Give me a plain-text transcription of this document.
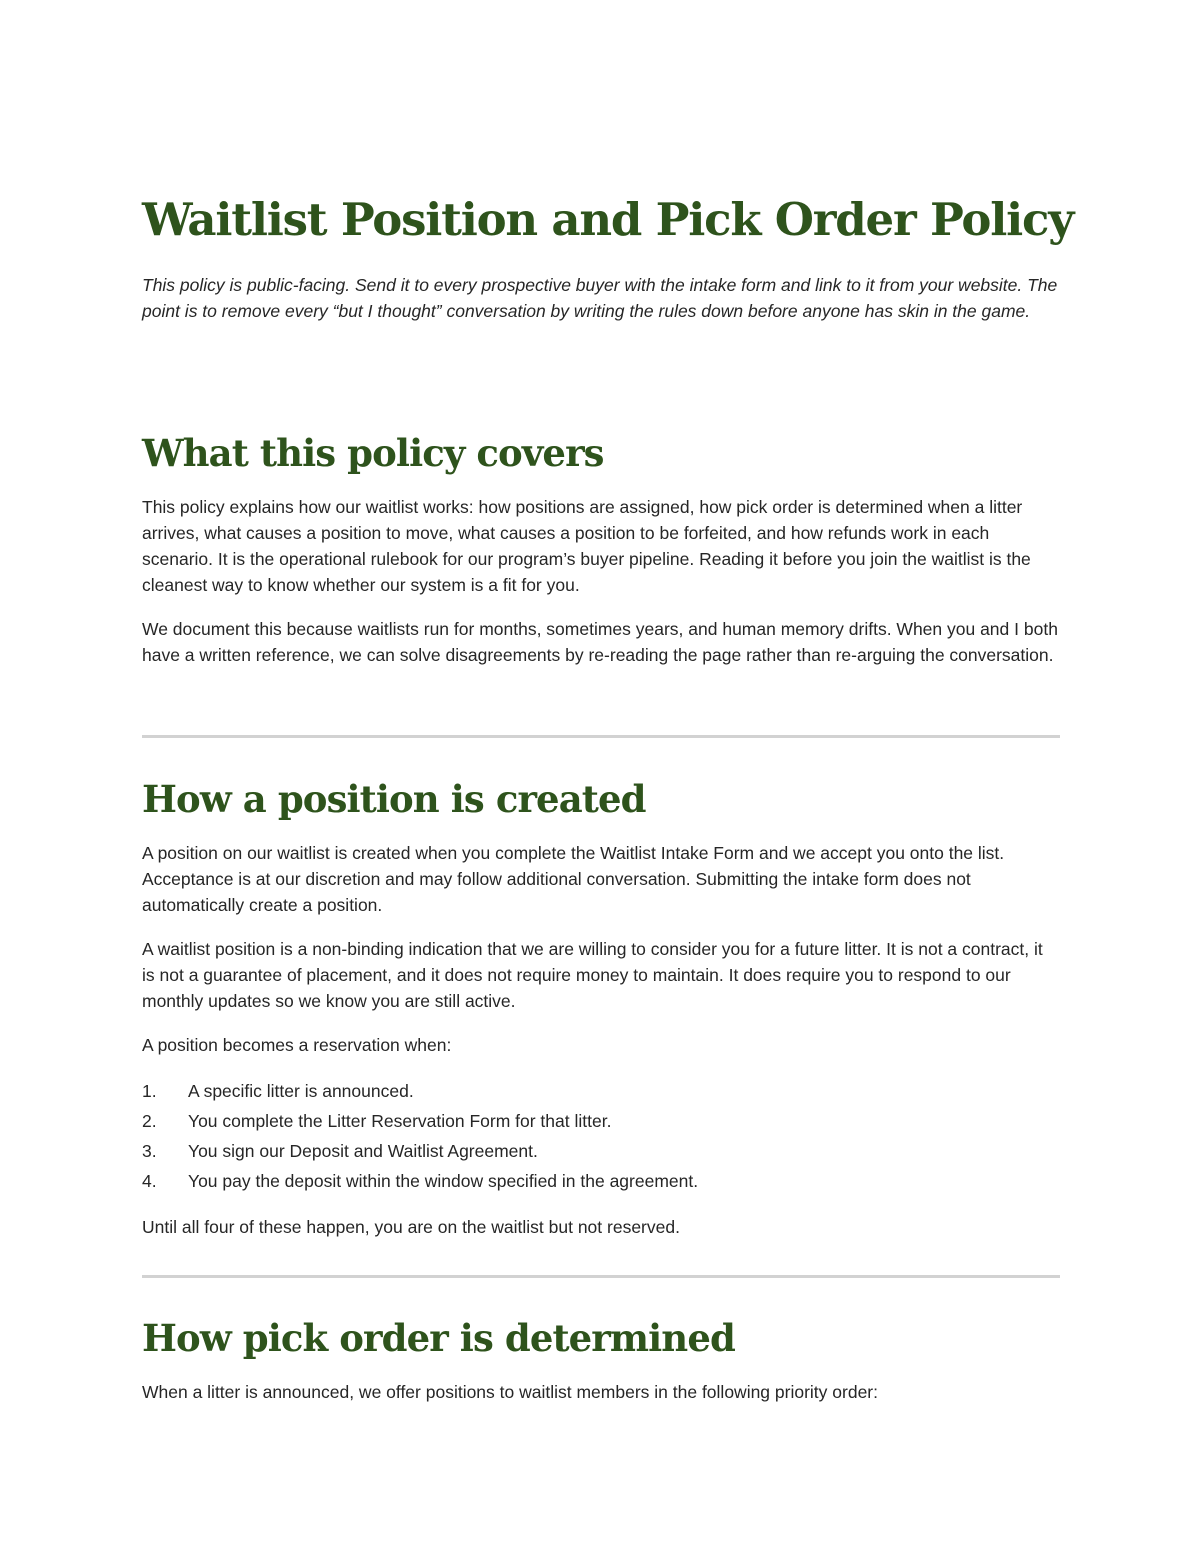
Waitlist Position and Pick Order Policy

This policy is public-facing. Send it to every prospective buyer with the intake form and link to it from your website. The point is to remove every “but I thought” conversation by writing the rules down before anyone has skin in the game.

What this policy covers

This policy explains how our waitlist works: how positions are assigned, how pick order is determined when a litter arrives, what causes a position to move, what causes a position to be forfeited, and how refunds work in each scenario. It is the operational rulebook for our program’s buyer pipeline. Reading it before you join the waitlist is the cleanest way to know whether our system is a fit for you.

We document this because waitlists run for months, sometimes years, and human memory drifts. When you and I both have a written reference, we can solve disagreements by re-reading the page rather than re-arguing the conversation.

How a position is created

A position on our waitlist is created when you complete the Waitlist Intake Form and we accept you onto the list. Acceptance is at our discretion and may follow additional conversation. Submitting the intake form does not automatically create a position.

A waitlist position is a non-binding indication that we are willing to consider you for a future litter. It is not a contract, it is not a guarantee of placement, and it does not require money to maintain. It does require you to respond to our monthly updates so we know you are still active.

A position becomes a reservation when:

1. A specific litter is announced.
2. You complete the Litter Reservation Form for that litter.
3. You sign our Deposit and Waitlist Agreement.
4. You pay the deposit within the window specified in the agreement.

Until all four of these happen, you are on the waitlist but not reserved.

How pick order is determined

When a litter is announced, we offer positions to waitlist members in the following priority order:
